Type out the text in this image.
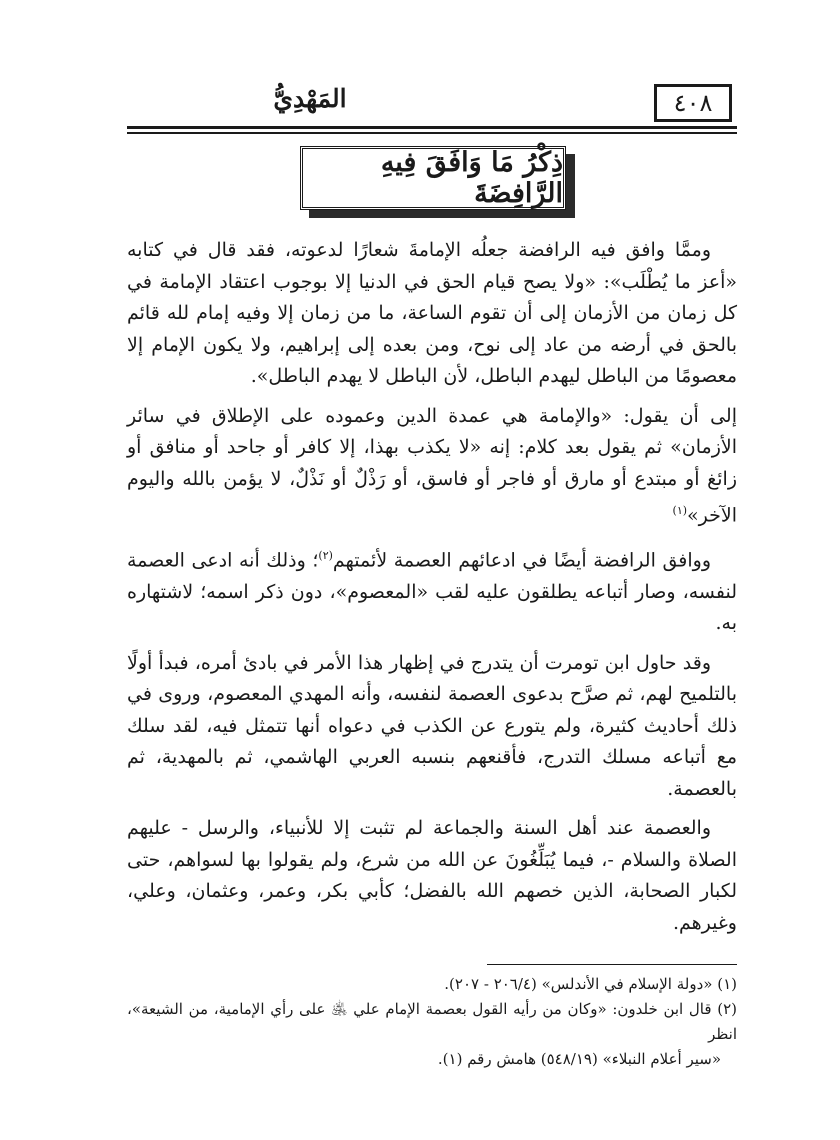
٤٠٨
المَهْدِيُّ
ذِكْرُ مَا وَافَقَ فِيهِ الرَّافِضَةَ

وممَّا وافق فيه الرافضة جعلُه الإمامةَ شعارًا لدعوته، فقد قال في كتابه «أعز ما يُطْلَب»: «ولا يصح قيام الحق في الدنيا إلا بوجوب اعتقاد الإمامة في كل زمان من الأزمان إلى أن تقوم الساعة، ما من زمان إلا وفيه إمام لله قائم بالحق في أرضه من عاد إلى نوح، ومن بعده إلى إبراهيم، ولا يكون الإمام إلا معصومًا من الباطل ليهدم الباطل، لأن الباطل لا يهدم الباطل».

إلى أن يقول: «والإمامة هي عمدة الدين وعموده على الإطلاق في سائر الأزمان» ثم يقول بعد كلام: إنه «لا يكذب بهذا، إلا كافر أو جاحد أو منافق أو زائغ أو مبتدع أو مارق أو فاجر أو فاسق، أو رَذْلٌ أو نَذْلٌ، لا يؤمن بالله واليوم الآخر»$^{(١)}$

ووافق الرافضة أيضًا في ادعائهم العصمة لأئمتهم$^{(٢)}$؛ وذلك أنه ادعى العصمة لنفسه، وصار أتباعه يطلقون عليه لقب «المعصوم»، دون ذكر اسمه؛ لاشتهاره به.

وقد حاول ابن تومرت أن يتدرج في إظهار هذا الأمر في بادئ أمره، فبدأ أولًا بالتلميح لهم، ثم صرَّح بدعوى العصمة لنفسه، وأنه المهدي المعصوم، وروى في ذلك أحاديث كثيرة، ولم يتورع عن الكذب في دعواه أنها تتمثل فيه، لقد سلك مع أتباعه مسلك التدرج، فأقنعهم بنسبه العربي الهاشمي، ثم بالمهدية، ثم بالعصمة.

والعصمة عند أهل السنة والجماعة لم تثبت إلا للأنبياء، والرسل - عليهم الصلاة والسلام -، فيما يُبَلِّغُونَ عن الله من شرع، ولم يقولوا بها لسواهم، حتى لكبار الصحابة، الذين خصهم الله بالفضل؛ كأبي بكر، وعمر، وعثمان، وعلي، وغيرهم.

(١) «دولة الإسلام في الأندلس» (٢٠٦/٤ - ٢٠٧).

(٢) قال ابن خلدون: «وكان من رأيه القول بعصمة الإمام علي ﵁ على رأي الإمامية، من الشيعة»، انظر

«سير أعلام النبلاء» (٥٤٨/١٩) هامش رقم (١).
